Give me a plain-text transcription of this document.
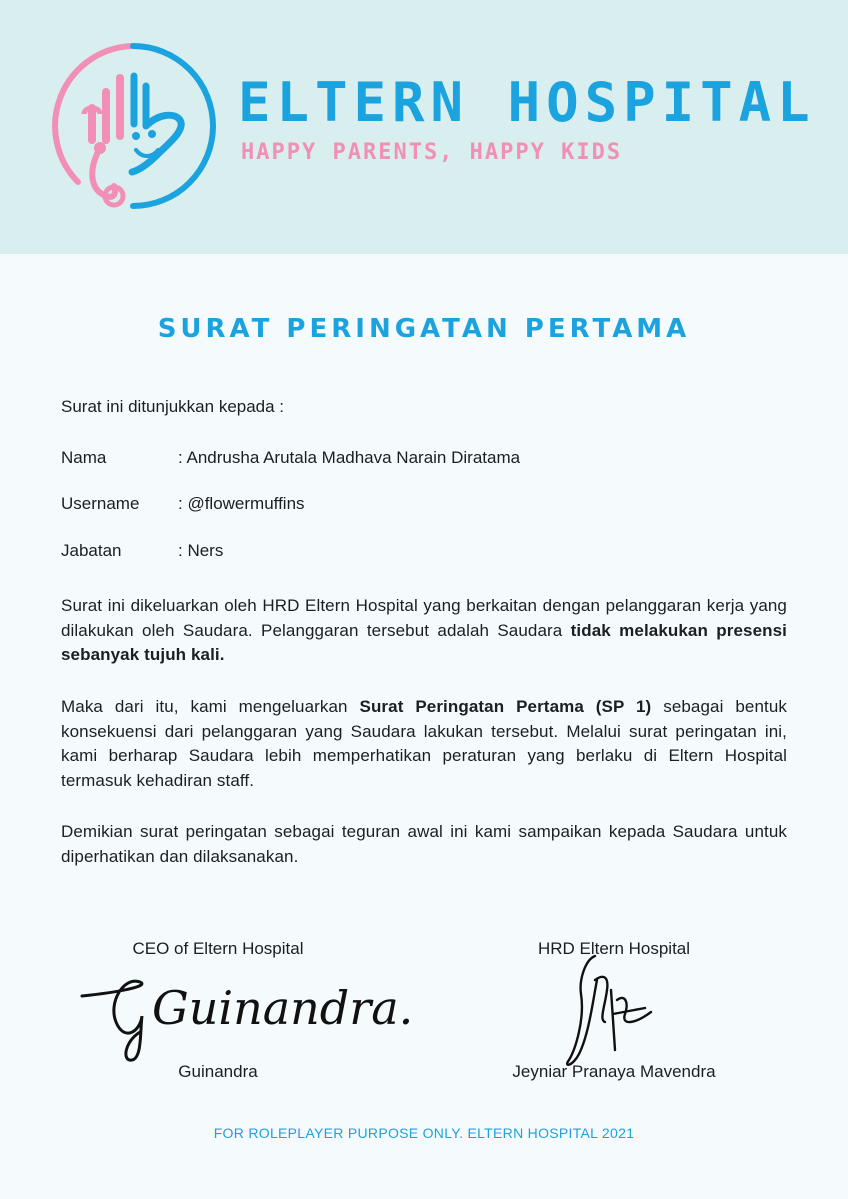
ELTERN HOSPITAL
HAPPY PARENTS, HAPPY KIDS
SURAT PERINGATAN PERTAMA
Surat ini ditunjukkan kepada :
Nama	: Andrusha Arutala Madhava Narain Diratama
Username : @flowermuffins
Jabatan	: Ners
Surat ini dikeluarkan oleh HRD Eltern Hospital yang berkaitan dengan pelanggaran kerja yang dilakukan oleh Saudara. Pelanggaran tersebut adalah Saudara tidak melakukan presensi sebanyak tujuh kali.
Maka dari itu, kami mengeluarkan Surat Peringatan Pertama (SP 1) sebagai bentuk konsekuensi dari pelanggaran yang Saudara lakukan tersebut. Melalui surat peringatan ini, kami berharap Saudara lebih memperhatikan peraturan yang berlaku di Eltern Hospital termasuk kehadiran staff.
Demikian surat peringatan sebagai teguran awal ini kami sampaikan kepada Saudara untuk diperhatikan dan dilaksanakan.
CEO of Eltern Hospital
Guinandra
Guinandra.
HRD Eltern Hospital
Jeyniar Pranaya Mavendra
FOR ROLEPLAYER PURPOSE ONLY. ELTERN HOSPITAL 2021
